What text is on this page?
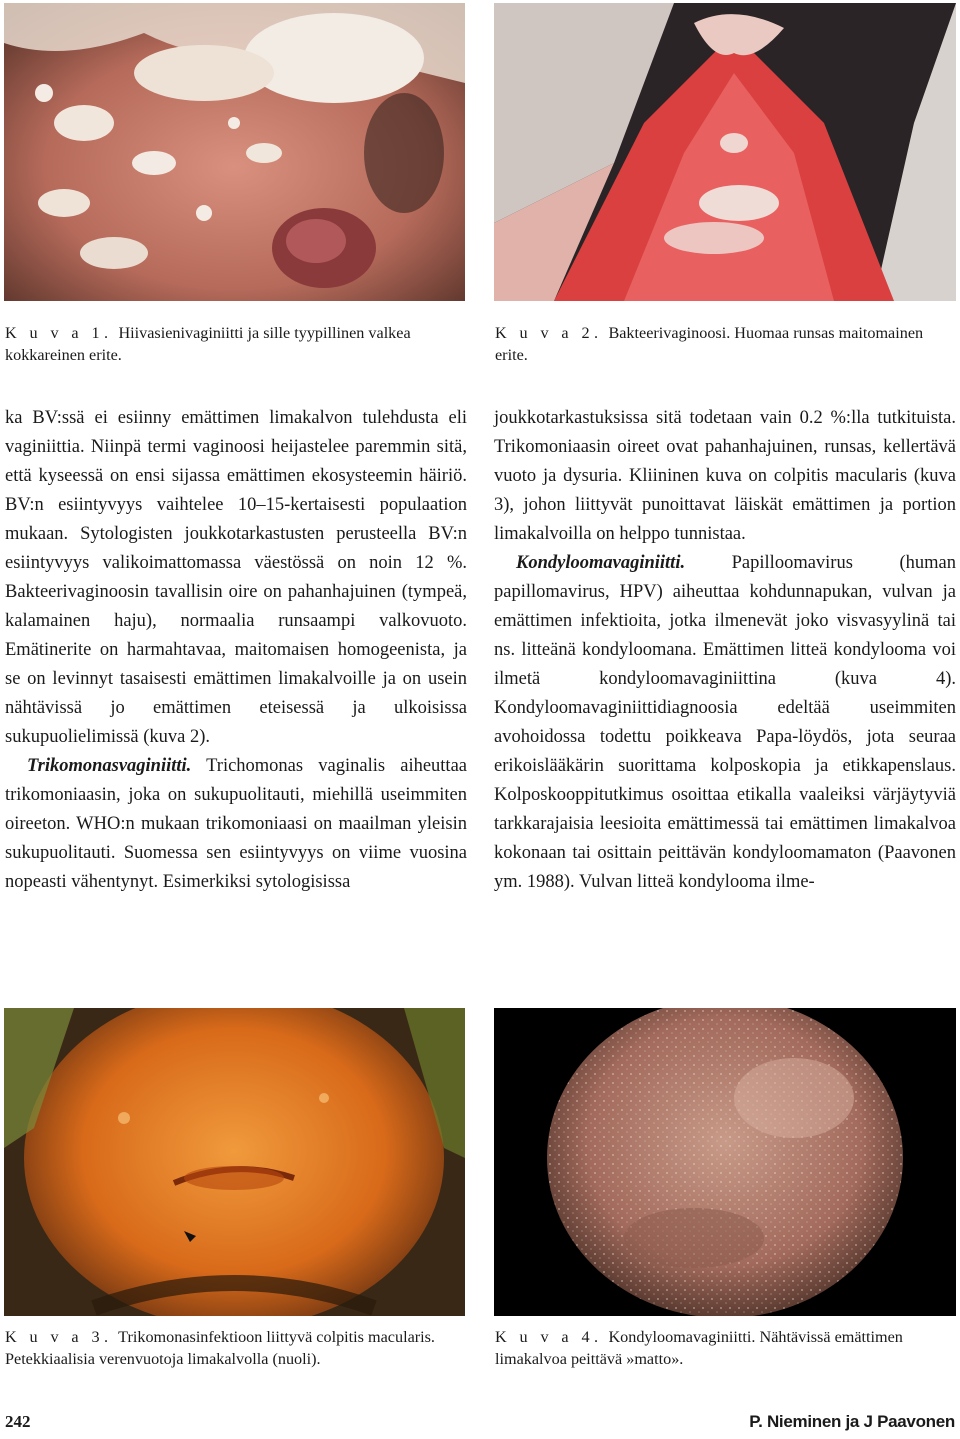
K u v a 1. Hiivasienivaginiitti ja sille tyypillinen valkea kokkareinen erite.
K u v a 2. Bakteerivaginoosi. Huomaa runsas maitomainen erite.

ka BV:ssä ei esiinny emättimen limakalvon tulehdusta eli vaginiittia. Niinpä termi vaginoosi heijastelee paremmin sitä, että kyseessä on ensi sijassa emättimen ekosysteemin häiriö. BV:n esiintyvyys vaihtelee 10–15-kertaisesti populaation mukaan. Sytologisten joukkotarkastusten perusteella BV:n esiintyvyys valikoimattomassa väestössä on noin 12 %. Bakteerivaginoosin tavallisin oire on pahanhajuinen (tympeä, kalamainen haju), normaalia runsaampi valkovuoto. Emätinerite on harmahtavaa, maitomaisen homogeenista, ja se on levinnyt tasaisesti emättimen limakalvoille ja on usein nähtävissä jo emättimen eteisessä ja ulkoisissa sukupuolielimissä (kuva 2).

Trikomonasvaginiitti. Trichomonas vaginalis aiheuttaa trikomoniaasin, joka on sukupuolitauti, miehillä useimmiten oireeton. WHO:n mukaan trikomoniaasi on maailman yleisin sukupuolitauti. Suomessa sen esiintyvyys on viime vuosina nopeasti vähentynyt. Esimerkiksi sytologisissa

joukkotarkastuksissa sitä todetaan vain 0.2 %:lla tutkituista. Trikomoniaasin oireet ovat pahanhajuinen, runsas, kellertävä vuoto ja dysuria. Kliininen kuva on colpitis macularis (kuva 3), johon liittyvät punoittavat läiskät emättimen ja portion limakalvoilla on helppo tunnistaa.

Kondyloomavaginiitti. Papilloomavirus (human papillomavirus, HPV) aiheuttaa kohdunnapukan, vulvan ja emättimen infektioita, jotka ilmenevät joko visvasyylinä tai ns. litteänä kondyloomana. Emättimen litteä kondylooma voi ilmetä kondyloomavaginiittina (kuva 4). Kondyloomavaginiittidiagnoosia edeltää useimmiten avohoidossa todettu poikkeava Papa-löydös, jota seuraa erikoislääkärin suorittama kolposkopia ja etikkapenslaus. Kolposkooppitutkimus osoittaa etikalla vaaleiksi värjäytyviä tarkkarajaisia leesioita emättimessä tai emättimen limakalvoa kokonaan tai osittain peittävän kondyloomamaton (Paavonen ym. 1988). Vulvan litteä kondylooma ilme-

K u v a 3. Trikomonasinfektioon liittyvä colpitis macularis. Petekkiaalisia verenvuotoja limakalvolla (nuoli).
K u v a 4. Kondyloomavaginiitti. Nähtävissä emättimen limakalvoa peittävä »matto».
242	P. Nieminen ja J Paavonen
